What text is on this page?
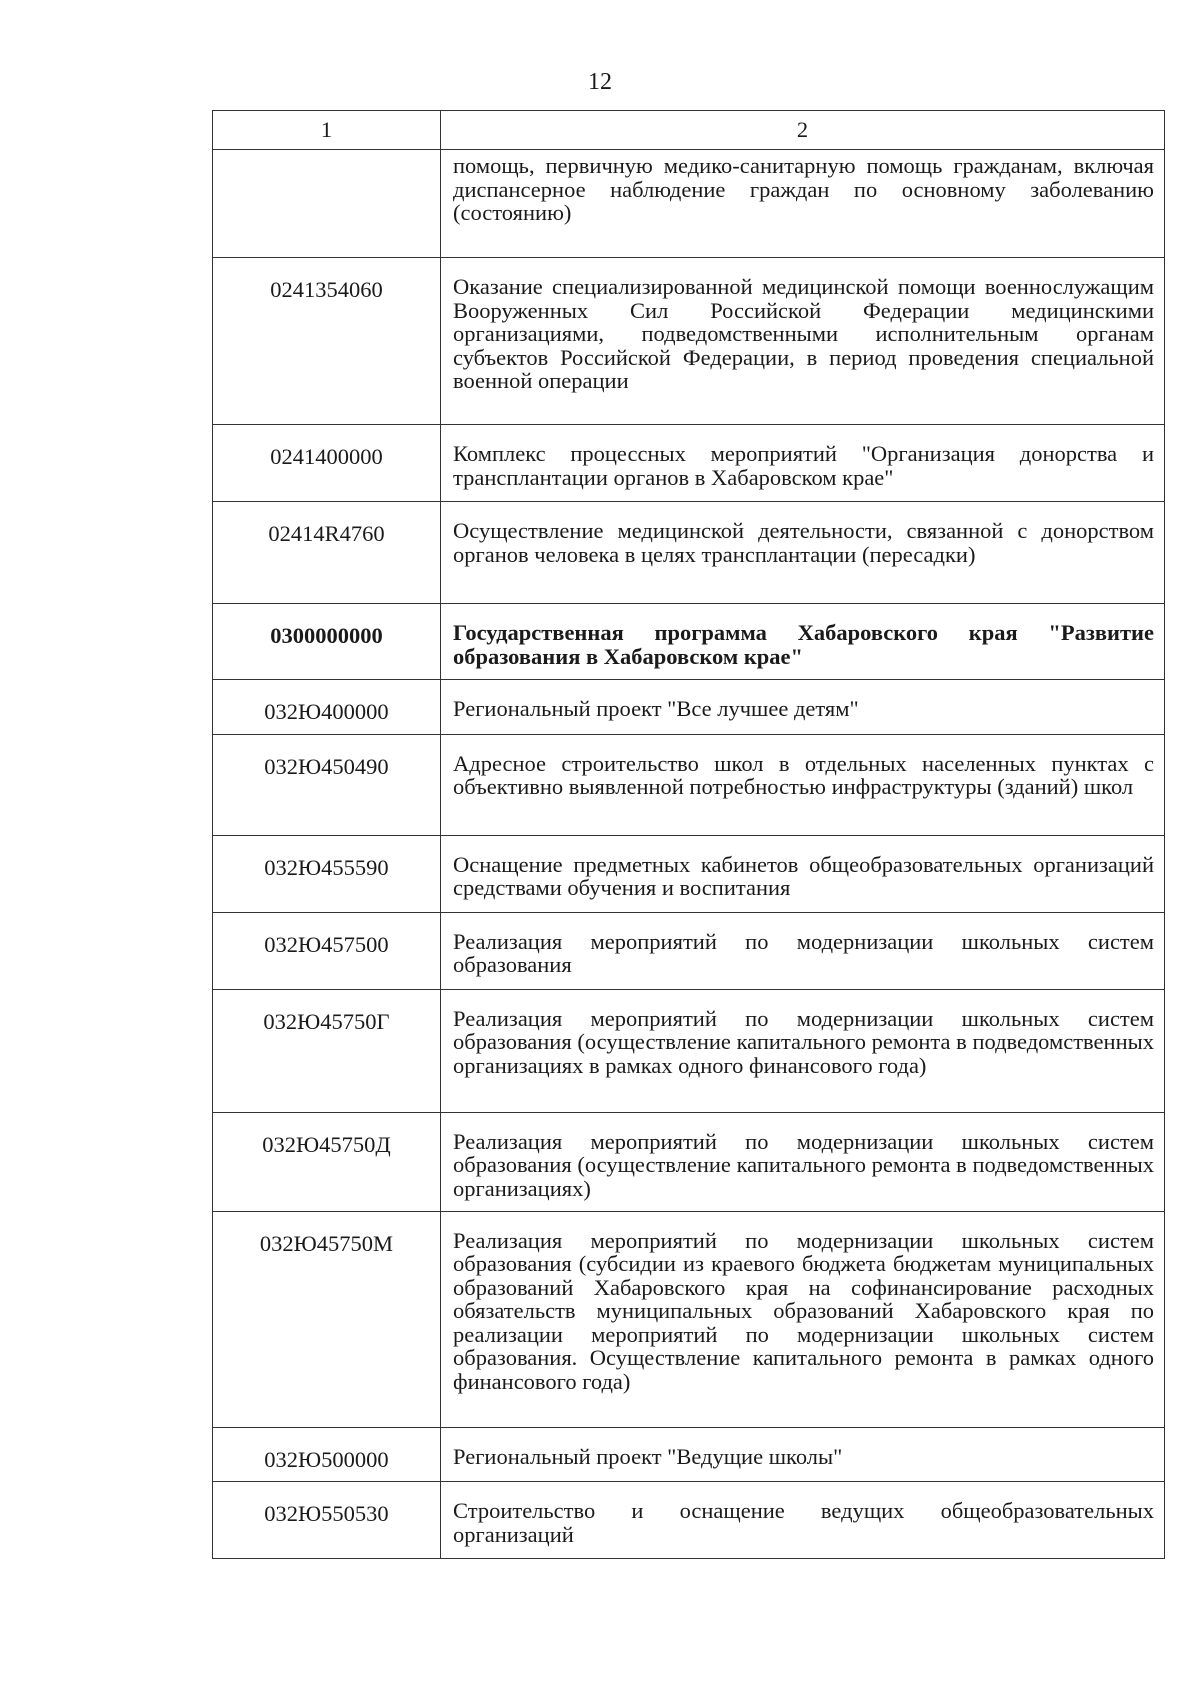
12
1	2
	помощь, первичную медико-санитарную помощь гражданам, включая диспансерное наблюдение граждан по основному заболеванию (состоянию)
0241354060	Оказание специализированной медицинской помощи военнослужащим Вооруженных Сил Российской Федерации медицинскими организациями, подведомственными исполнительным органам субъектов Российской Федерации, в период проведения специальной военной операции
0241400000	Комплекс процессных мероприятий "Организация донорства и трансплантации органов в Хабаровском крае"
02414R4760	Осуществление медицинской деятельности, связанной с донорством органов человека в целях трансплантации (пересадки)
0300000000	Государственная программа Хабаровского края "Развитие образования в Хабаровском крае"
032Ю400000	Региональный проект "Все лучшее детям"
032Ю450490	Адресное строительство школ в отдельных населенных пунктах с объективно выявленной потребностью инфраструктуры (зданий) школ
032Ю455590	Оснащение предметных кабинетов общеобразовательных организаций средствами обучения и воспитания
032Ю457500	Реализация мероприятий по модернизации школьных систем образования
032Ю45750Г	Реализация мероприятий по модернизации школьных систем образования (осуществление капитального ремонта в подведомственных организациях в рамках одного финансового года)
032Ю45750Д	Реализация мероприятий по модернизации школьных систем образования (осуществление капитального ремонта в подведомственных организациях)
032Ю45750М	Реализация мероприятий по модернизации школьных систем образования (субсидии из краевого бюджета бюджетам муниципальных образований Хабаровского края на софинансирование расходных обязательств муниципальных образований Хабаровского края по реализации мероприятий по модернизации школьных систем образования. Осуществление капитального ремонта в рамках одного финансового года)
032Ю500000	Региональный проект "Ведущие школы"
032Ю550530	Строительство и оснащение ведущих общеобразовательных организаций
